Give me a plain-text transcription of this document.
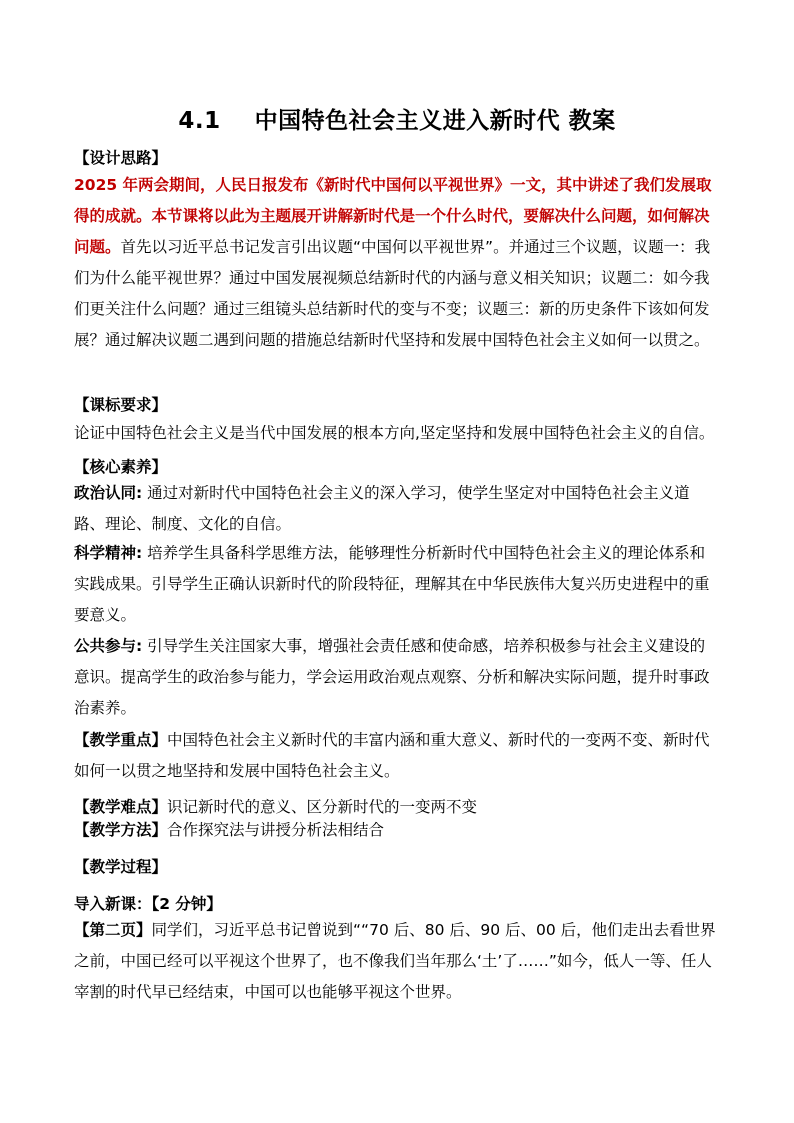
4.1 中国特色社会主义进入新时代 教案
【设计思路】

2025 年两会期间，人民日报发布《新时代中国何以平视世界》一文，其中讲述了我们发展取得的成就。本节课将以此为主题展开讲解新时代是一个什么时代，要解决什么问题，如何解决问题。首先以习近平总书记发言引出议题“中国何以平视世界”。并通过三个议题，议题一：我们为什么能平视世界？通过中国发展视频总结新时代的内涵与意义相关知识；议题二：如今我们更关注什么问题？通过三组镜头总结新时代的变与不变；议题三：新的历史条件下该如何发展？通过解决议题二遇到问题的措施总结新时代坚持和发展中国特色社会主义如何一以贯之。

【课标要求】

论证中国特色社会主义是当代中国发展的根本方向,坚定坚持和发展中国特色社会主义的自信。

【核心素养】

政治认同: 通过对新时代中国特色社会主义的深入学习，使学生坚定对中国特色社会主义道路、理论、制度、文化的自信。

科学精神: 培养学生具备科学思维方法，能够理性分析新时代中国特色社会主义的理论体系和实践成果。引导学生正确认识新时代的阶段特征，理解其在中华民族伟大复兴历史进程中的重要意义。

公共参与: 引导学生关注国家大事，增强社会责任感和使命感，培养积极参与社会主义建设的意识。提高学生的政治参与能力，学会运用政治观点观察、分析和解决实际问题，提升时事政治素养。

【教学重点】中国特色社会主义新时代的丰富内涵和重大意义、新时代的一变两不变、新时代如何一以贯之地坚持和发展中国特色社会主义。

【教学难点】识记新时代的意义、区分新时代的一变两不变

【教学方法】合作探究法与讲授分析法相结合

【教学过程】
导入新课：【2 分钟】

【第二页】同学们，习近平总书记曾说到““70 后、80 后、90 后、00 后，他们走出去看世界之前，中国已经可以平视这个世界了，也不像我们当年那么‘土’了……”如今，低人一等、任人宰割的时代早已经结束，中国可以也能够平视这个世界。
